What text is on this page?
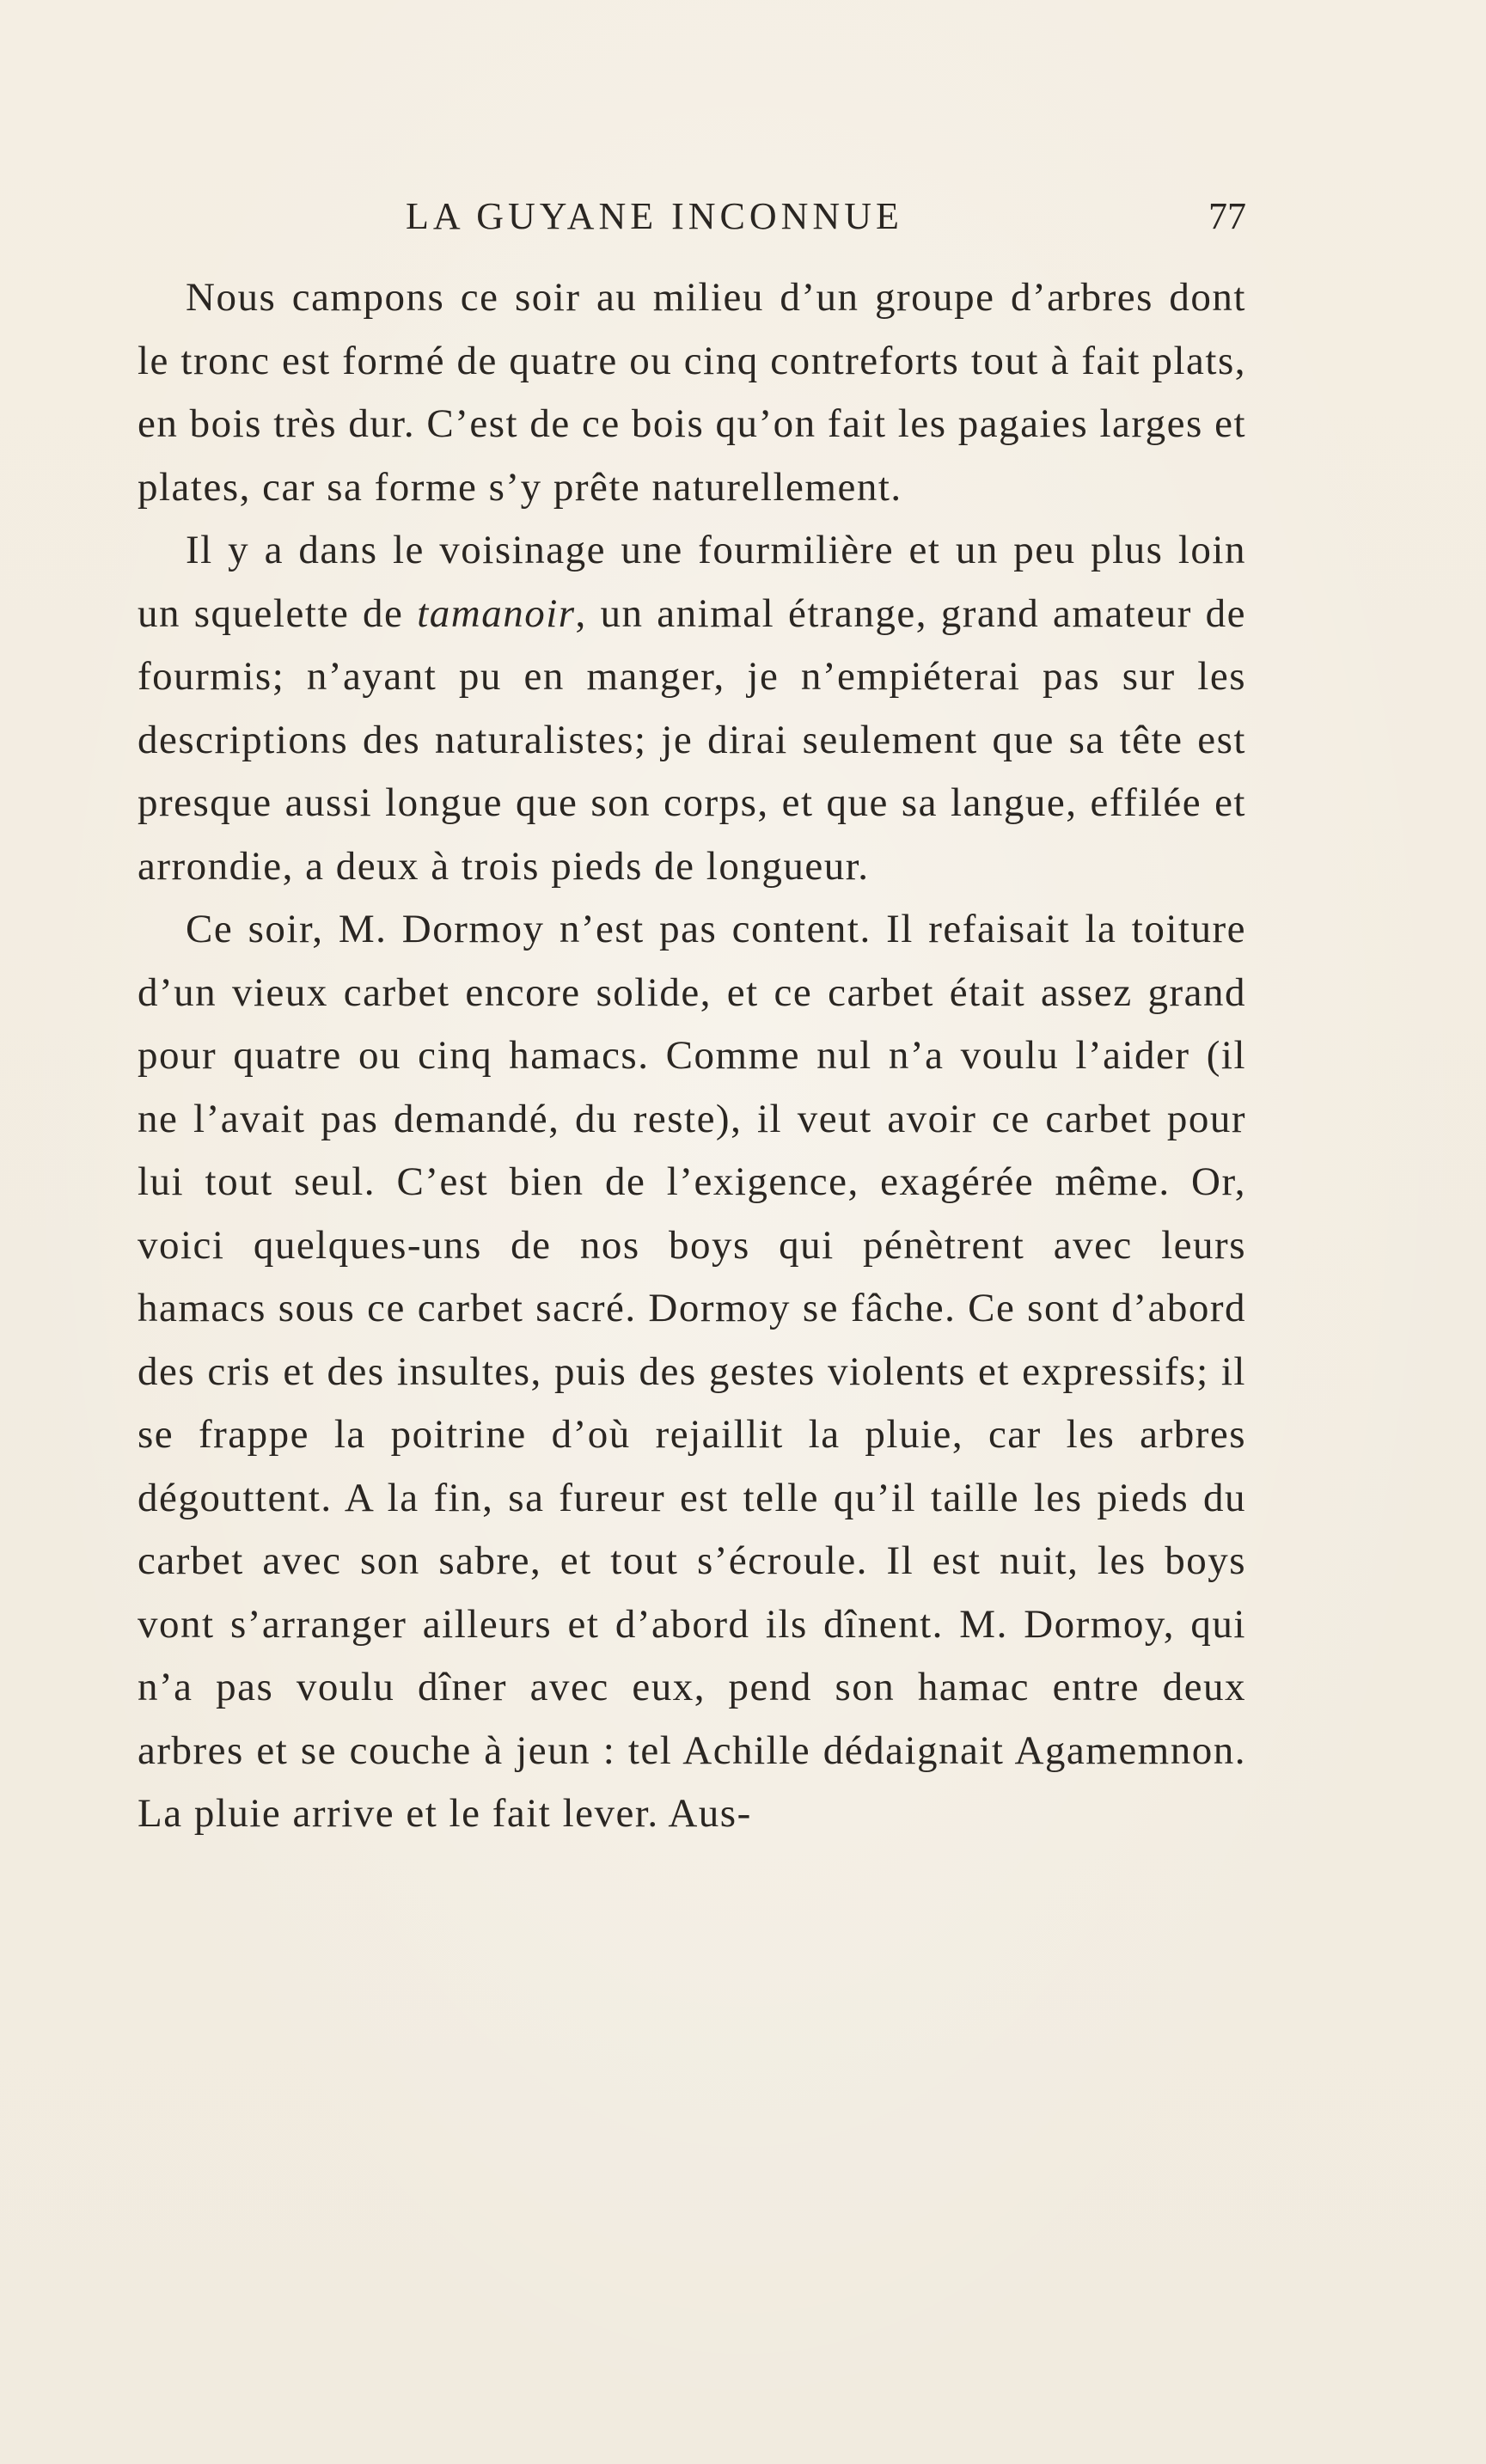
LA GUYANE INCONNUE	77

Nous campons ce soir au milieu d’un groupe d’arbres dont le tronc est formé de quatre ou cinq contreforts tout à fait plats, en bois très dur. C’est de ce bois qu’on fait les pagaies larges et plates, car sa forme s’y prête naturellement.

Il y a dans le voisinage une fourmilière et un peu plus loin un squelette de tamanoir, un animal étrange, grand amateur de fourmis; n’ayant pu en manger, je n’empiéterai pas sur les descriptions des naturalistes; je dirai seulement que sa tête est presque aussi longue que son corps, et que sa langue, effilée et arrondie, a deux à trois pieds de longueur.

Ce soir, M. Dormoy n’est pas content. Il refaisait la toiture d’un vieux carbet encore solide, et ce carbet était assez grand pour quatre ou cinq hamacs. Comme nul n’a voulu l’aider (il ne l’avait pas demandé, du reste), il veut avoir ce carbet pour lui tout seul. C’est bien de l’exigence, exagérée même. Or, voici quelques-uns de nos boys qui pénètrent avec leurs hamacs sous ce carbet sacré. Dormoy se fâche. Ce sont d’abord des cris et des insultes, puis des gestes violents et expressifs; il se frappe la poitrine d’où rejaillit la pluie, car les arbres dégouttent. A la fin, sa fureur est telle qu’il taille les pieds du carbet avec son sabre, et tout s’écroule. Il est nuit, les boys vont s’arranger ailleurs et d’abord ils dînent. M. Dormoy, qui n’a pas voulu dîner avec eux, pend son hamac entre deux arbres et se couche à jeun : tel Achille dédaignait Agamemnon. La pluie arrive et le fait lever. Aus-
